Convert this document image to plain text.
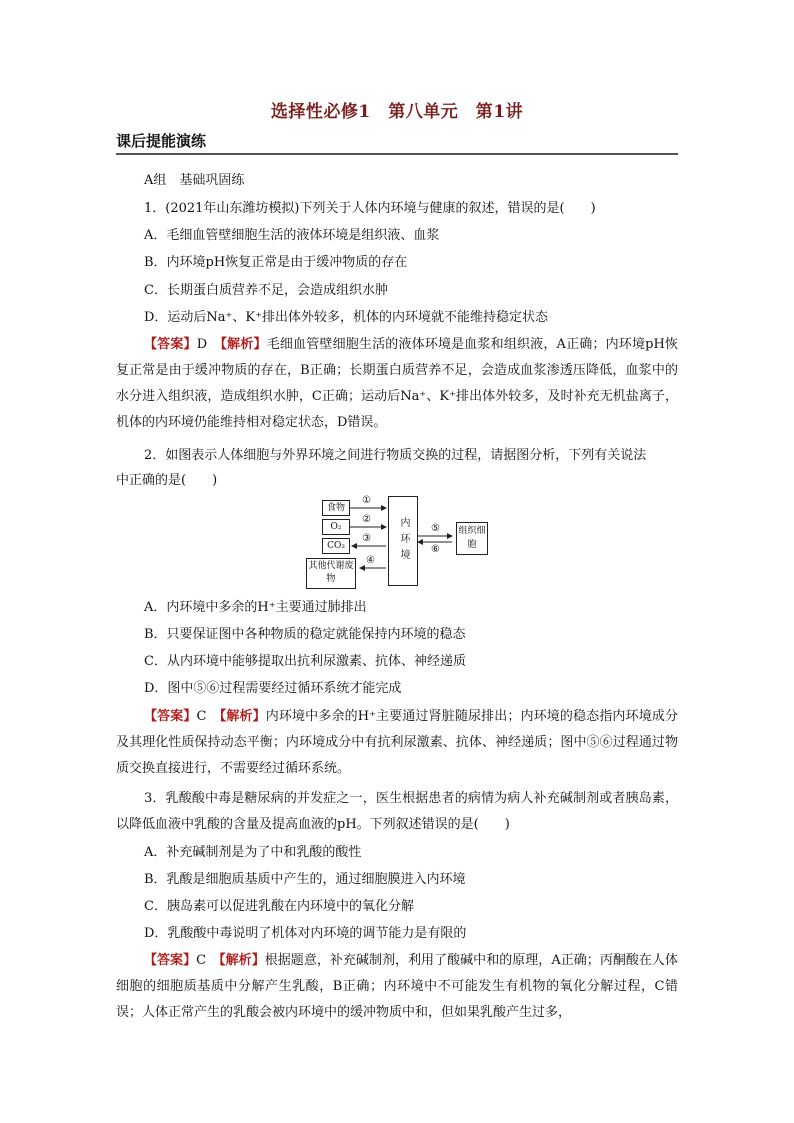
选择性必修1　第八单元　第1讲
课后提能演练
A组　基础巩固练
1．(2021年山东潍坊模拟)下列关于人体内环境与健康的叙述，错误的是(　　)
A．毛细血管壁细胞生活的液体环境是组织液、血浆
B．内环境pH恢复正常是由于缓冲物质的存在
C．长期蛋白质营养不足，会造成组织水肿
D．运动后Na⁺、K⁺排出体外较多，机体的内环境就不能维持稳定状态
【答案】D　 【解析】毛细血管壁细胞生活的液体环境是血浆和组织液，A正确；内环境pH恢复正常是由于缓冲物质的存在，B正确；长期蛋白质营养不足，会造成血浆渗透压降低，血浆中的水分进入组织液，造成组织水肿，C正确；运动后Na⁺、K⁺排出体外较多，及时补充无机盐离子，机体的内环境仍能维持相对稳定状态，D错误。
2．如图表示人体细胞与外界环境之间进行物质交换的过程，请据图分析，下列有关说法
中正确的是(　　)
食物
O₂
CO₂
其他代谢废物
内环境	组织细胞
①
②
③
④
⑤
⑥
A．内环境中多余的H⁺主要通过肺排出
B．只要保证图中各种物质的稳定就能保持内环境的稳态
C．从内环境中能够提取出抗利尿激素、抗体、神经递质
D．图中⑤⑥过程需要经过循环系统才能完成
【答案】C　 【解析】内环境中多余的H⁺主要通过肾脏随尿排出；内环境的稳态指内环境成分及其理化性质保持动态平衡；内环境成分中有抗利尿激素、抗体、神经递质；图中⑤⑥过程通过物质交换直接进行，不需要经过循环系统。
3．乳酸酸中毒是糖尿病的并发症之一，医生根据患者的病情为病人补充碱制剂或者胰岛素，以降低血液中乳酸的含量及提高血液的pH。下列叙述错误的是(　　)
A．补充碱制剂是为了中和乳酸的酸性
B．乳酸是细胞质基质中产生的，通过细胞膜进入内环境
C．胰岛素可以促进乳酸在内环境中的氧化分解
D．乳酸酸中毒说明了机体对内环境的调节能力是有限的
【答案】C　 【解析】根据题意，补充碱制剂，利用了酸碱中和的原理，A正确；丙酮酸在人体细胞的细胞质基质中分解产生乳酸，B正确；内环境中不可能发生有机物的氧化分解过程，C错误；人体正常产生的乳酸会被内环境中的缓冲物质中和，但如果乳酸产生过多，
